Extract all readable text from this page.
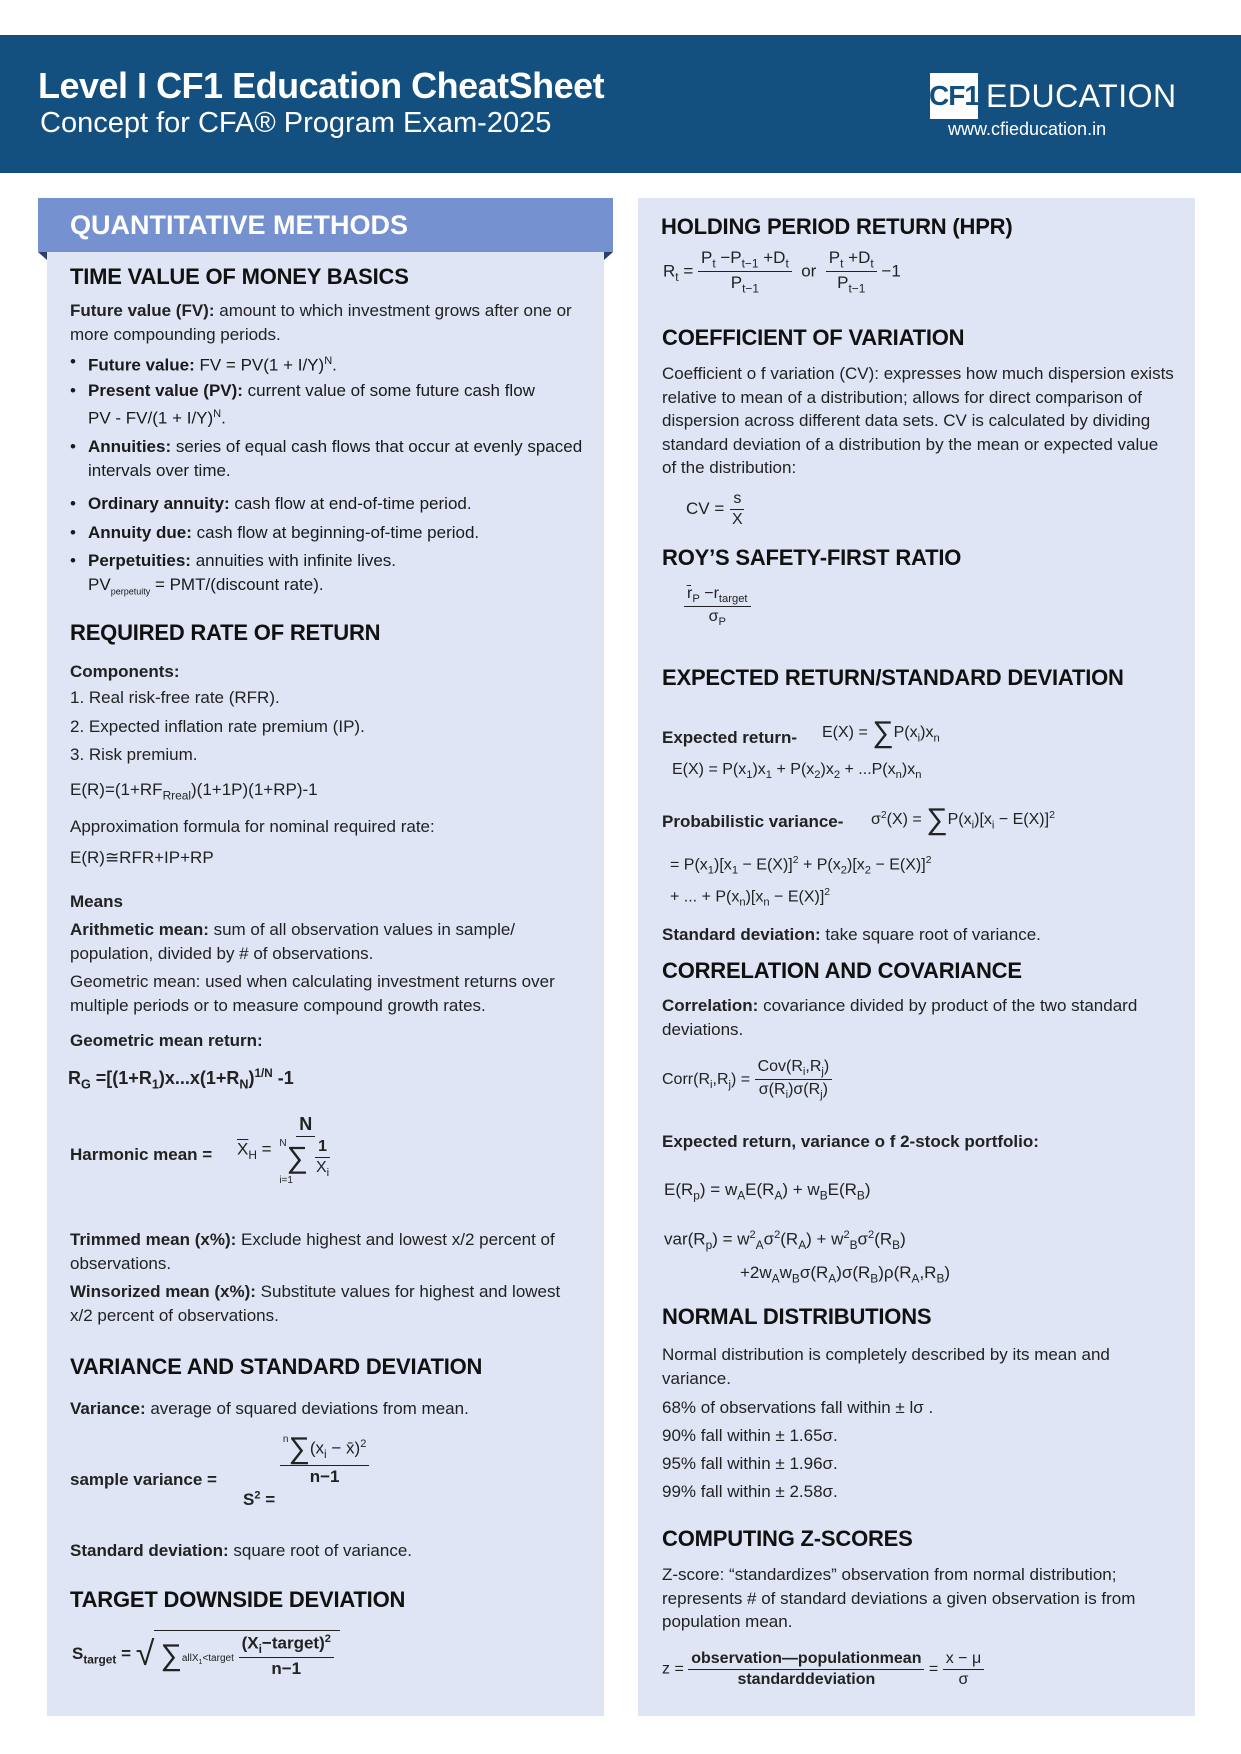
Level I CF1 Education CheatSheet
Concept for CFA® Program Exam-2025
CF1 EDUCATION
www.cfieducation.in
QUANTITATIVE METHODS
TIME VALUE OF MONEY BASICS
Future value (FV): amount to which investment grows after one or more compounding periods.
• Future value: FV = $PV(1 + I/Y)^N$.
• Present value (PV): current value of some future cash flow
PV - $FV/(1 + I/Y)^N$.
• Annuities: series of equal cash flows that occur at evenly spaced intervals over time.
• Ordinary annuity: cash flow at end-of-time period.
• Annuity due: cash flow at beginning-of-time period.
• Perpetuities: annuities with infinite lives.
$PV_{perpetuity}$ = PMT/(discount rate).
REQUIRED RATE OF RETURN
Components:
1. Real risk-free rate (RFR).
2. Expected inflation rate premium (IP).
3. Risk premium.
$E(R)=(1+RF_{Rreal})(1+1P)(1+RP)-1$
Approximation formula for nominal required rate:
E(R)≅RFR+IP+RP
Means
Arithmetic mean: sum of all observation values in sample/ population, divided by # of observations.
Geometric mean: used when calculating investment returns over multiple periods or to measure compound growth rates.
Geometric mean return:
$R_G =[(1+R_1)x...x(1+R_N)^{1/N}$ -1
Harmonic mean = $\overline{X}_H = N$
$^N\sum \frac{1}{X_i}$
i=1
Trimmed mean (x%): Exclude highest and lowest x/2 percent of observations.
Winsorized mean (x%): Substitute values for highest and lowest x/2 percent of observations.
VARIANCE AND STANDARD DEVIATION
Variance: average of squared deviations from mean.
sample variance =
$S^2$ =
$\frac{^n\sum(x_i - x̄)^2}{n-1}$
Standard deviation: square root of variance.
TARGET DOWNSIDE DEVIATION
$S_{target}$ = √ ∑allX$_1$<target $\frac{(X_i-target)^2}{n-1}$
HOLDING PERIOD RETURN (HPR)
$R_t = \frac{P_t -P_{t-1} +D_t}{P_{t-1}}$ or $\frac{P_t +D_t}{P_{t-1}} -1$
COEFFICIENT OF VARIATION
Coefficient o f variation (CV): expresses how much dispersion exists relative to mean of a distribution; allows for direct comparison of dispersion across different data sets. CV is calculated by dividing standard deviation of a distribution by the mean or expected value of the distribution:
CV = $\frac{s}{X}$
ROY’S SAFETY-FIRST RATIO
$\frac{r̄_P -r_{target}}{\sigma_P}$
EXPECTED RETURN/STANDARD DEVIATION
Expected return- $E(X) = \sum P(x_i)x_n$
$E(X) = P(x_1)x_1 + P(x_2)x_2 + ...P(x_n)x_n$
Probabilistic variance- $\sigma^2(X) = \sum P(x_i)[x_i - E(X)]^2$
= $P(x_1)[x_1 - E(X)]^2 + P(x_2)[x_2 - E(X)]^2$
+ ... + $P(x_n)[x_n - E(X)]^2$
Standard deviation: take square root of variance.
CORRELATION AND COVARIANCE
Correlation: covariance divided by product of the two standard deviations.
$Corr(R_i,R_j) = \frac{Cov(R_i,R_j)}{\sigma(R_i)\sigma(R_j)}$
Expected return, variance o f 2-stock portfolio:
$E(R_p) = w_AE(R_A) + w_BE(R_B)$
$var(R_p) = w^2_A\sigma^2(R_A) + w^2_B\sigma^2(R_B)$
$+2w_Aw_B\sigma(R_A)\sigma(R_B)\rho(R_A,R_B)$
NORMAL DISTRIBUTIONS
Normal distribution is completely described by its mean and variance.
68% of observations fall within ± lσ .
90% fall within ± 1.65σ.
95% fall within ± 1.96σ.
99% fall within ± 2.58σ.
COMPUTING Z-SCORES
Z-score: “standardizes” observation from normal distribution; represents # of standard deviations a given observation is from population mean.
$z = \frac{\text{observation—populationmean}}{\text{standarddeviation}} = \frac{x - \mu}{\sigma}$
